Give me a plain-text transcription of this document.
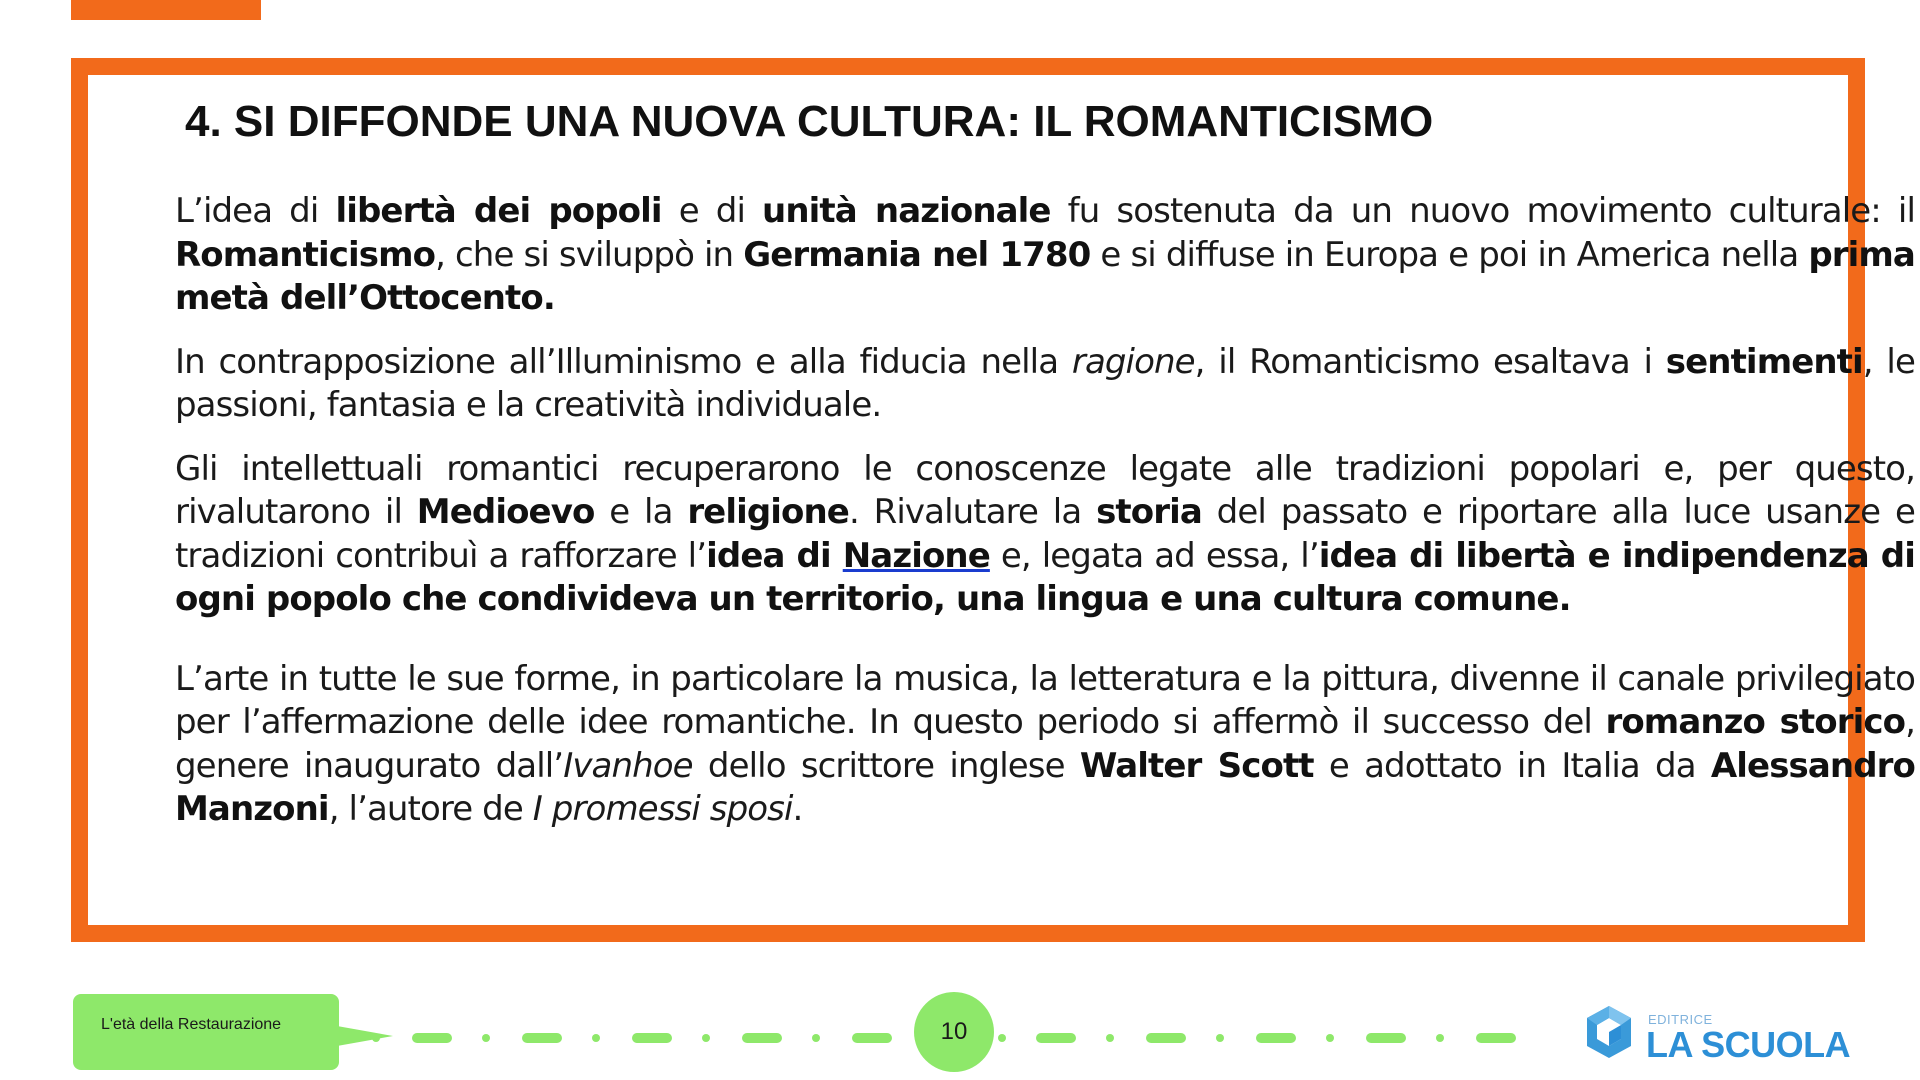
4. SI DIFFONDE UNA NUOVA CULTURA: IL ROMANTICISMO

L’idea di libertà dei popoli e di unità nazionale fu sostenuta da un nuovo movimento culturale: il Romanticismo, che si sviluppò in Germania nel 1780 e si diffuse in Europa e poi in America nella prima metà dell’Ottocento.

In contrapposizione all’Illuminismo e alla fiducia nella ragione, il Romanticismo esaltava i sentimenti, le passioni, fantasia e la creatività individuale.

Gli intellettuali romantici recuperarono le conoscenze legate alle tradizioni popolari e, per questo, rivalutarono il Medioevo e la religione. Rivalutare la storia del passato e riportare alla luce usanze e tradizioni contribuì a rafforzare l’idea di Nazione e, legata ad essa, l’idea di libertà e indipendenza di ogni popolo che condivideva un territorio, una lingua e una cultura comune.

L’arte in tutte le sue forme, in particolare la musica, la letteratura e la pittura, divenne il canale privilegiato per l’affermazione delle idee romantiche. In questo periodo si affermò il successo del romanzo storico, genere inaugurato dall’Ivanhoe dello scrittore inglese Walter Scott e adottato in Italia da Alessandro Manzoni, l’autore de I promessi sposi.

L'età della Restaurazione	10	EDITRICE
LA SCUOLA
